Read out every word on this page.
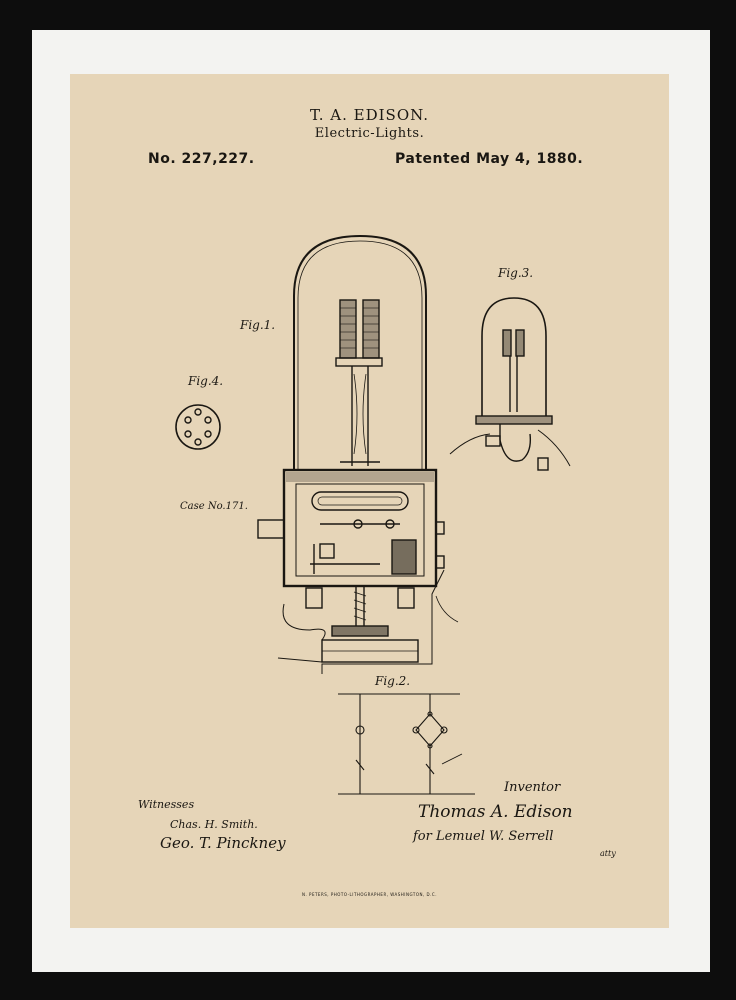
T. A. EDISON.
Electric-Lights.
No. 227,227.	Patented May 4, 1880.
Fig.1.
Fig.2.
Fig.3.
Fig.4.
Case No.171.
Witnesses
Chas. H. Smith.
Geo. T. Pinckney
Inventor
Thomas A. Edison
for Lemuel W. Serrell
atty
N. PETERS, PHOTO-LITHOGRAPHER, WASHINGTON, D.C.
